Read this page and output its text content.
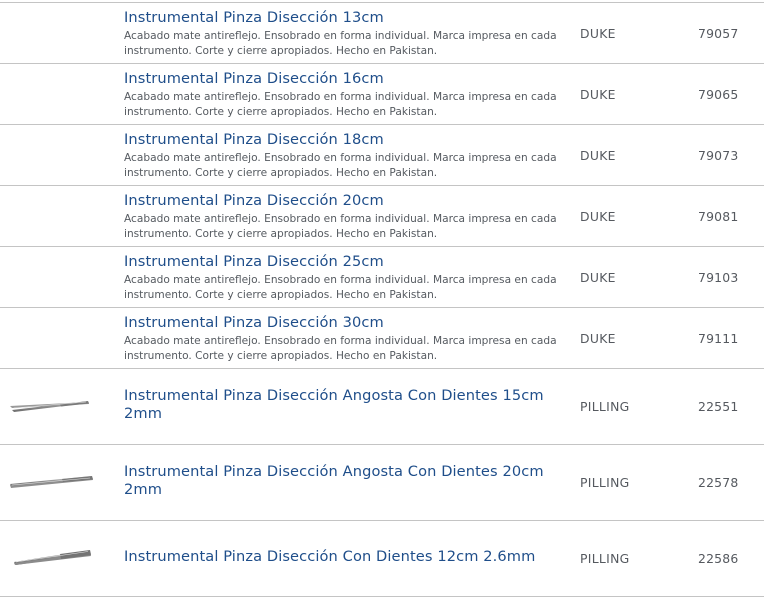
Instrumental Pinza Disección 13cm
Acabado mate antireflejo. Ensobrado en forma individual. Marca impresa en cada instrumento. Corte y cierre apropiados. Hecho en Pakistan.
DUKE	79057
Instrumental Pinza Disección 16cm
Acabado mate antireflejo. Ensobrado en forma individual. Marca impresa en cada instrumento. Corte y cierre apropiados. Hecho en Pakistan.
DUKE	79065
Instrumental Pinza Disección 18cm
Acabado mate antireflejo. Ensobrado en forma individual. Marca impresa en cada instrumento. Corte y cierre apropiados. Hecho en Pakistan.
DUKE	79073
Instrumental Pinza Disección 20cm
Acabado mate antireflejo. Ensobrado en forma individual. Marca impresa en cada instrumento. Corte y cierre apropiados. Hecho en Pakistan.
DUKE	79081
Instrumental Pinza Disección 25cm
Acabado mate antireflejo. Ensobrado en forma individual. Marca impresa en cada instrumento. Corte y cierre apropiados. Hecho en Pakistan.
DUKE	79103
Instrumental Pinza Disección 30cm
Acabado mate antireflejo. Ensobrado en forma individual. Marca impresa en cada instrumento. Corte y cierre apropiados. Hecho en Pakistan.
DUKE	79111
Instrumental Pinza Disección Angosta Con Dientes 15cm 2mm	PILLING	22551
Instrumental Pinza Disección Angosta Con Dientes 20cm 2mm	PILLING	22578
Instrumental Pinza Disección Con Dientes 12cm 2.6mm	PILLING	22586
